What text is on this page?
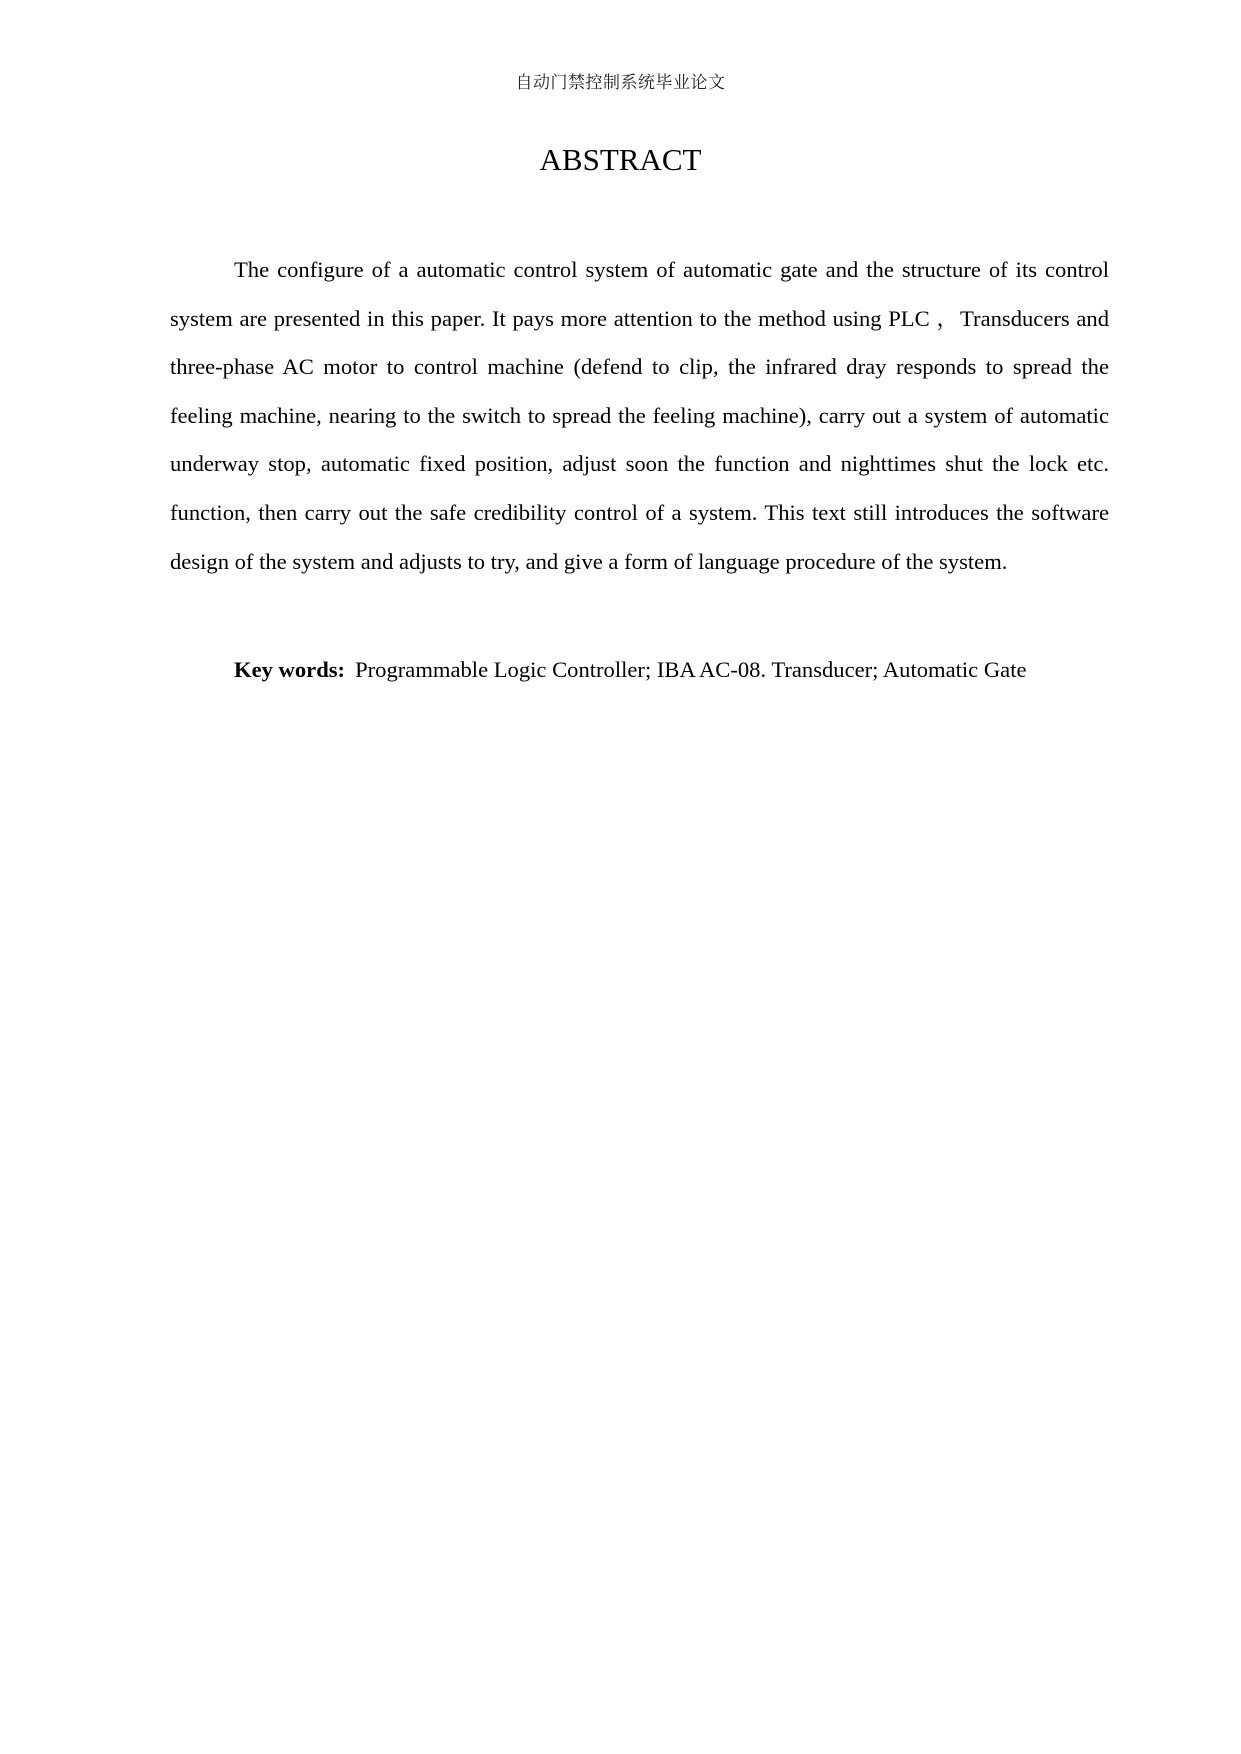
自动门禁控制系统毕业论文
ABSTRACT

The configure of a automatic control system of automatic gate and the structure of its control system are presented in this paper. It pays more attention to the method using PLC ，Transducers and three-phase AC motor to control machine (defend to clip, the infrared dray responds to spread the feeling machine, nearing to the switch to spread the feeling machine), carry out a system of automatic underway stop, automatic fixed position, adjust soon the function and nighttimes shut the lock etc. function, then carry out the safe credibility control of a system. This text still introduces the software design of the system and adjusts to try, and give a form of language procedure of the system.

Key words: Programmable Logic Controller; IBA AC-08. Transducer; Automatic Gate
